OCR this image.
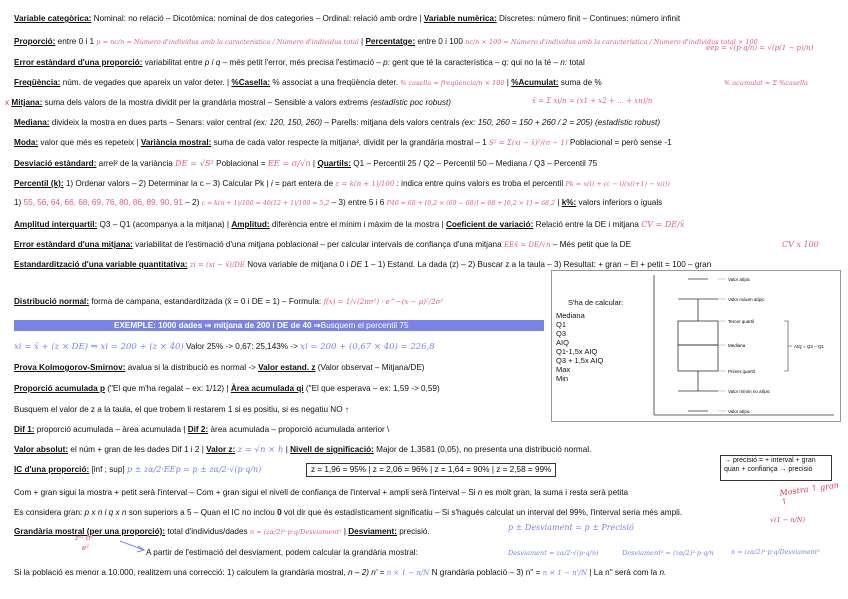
Variable categòrica: Nominal: no relació – Dicotòmica: nominal de dos categories – Ordinal: relació amb ordre | Variable numèrica: Discretes: número finit – Continues: número infinit
Proporció: entre 0 i 1 p = nc/n = Número d'individus amb la característica / Número d'individus total | Percentatge: entre 0 i 100 nc/n × 100 = Número d'individus amb la característica / Número d'individus total × 100
Error estàndard d'una proporció: variabilitat entre p i q – més petit l'error, més precisa l'estimació – p: gent que té la característica – q: qui no la té – n: total
eep = √(p·q/n) = √(p(1 − p)/n)
Freqüència: núm. de vegades que apareix un valor deter. | %Casella: % associat a una freqüència deter. % casella = freqüència/n × 100 | %Acumulat: suma de %	% acumulat = Σ %casella
x Mitjana: suma dels valors de la mostra dividit per la grandària mostral – Sensible a valors extrems (estadístic poc robust)	x̄ = Σ xi/n = (x1 + x2 + … + xn)/n
Mediana: divideix la mostra en dues parts – Senars: valor central (ex: 120, 150, 260) – Parells: mitjana dels valors centrals (ex: 150, 260 = 150 + 260 / 2 = 205) (estadístic robust)
Moda: valor que més es repeteix | Variància mostral: suma de cada valor respecte la mitjana², dividit per la grandària mostral – 1 S² = Σ(xi − x̄)²/(n − 1) Poblacional = però sense -1
Desviació estàndard: arrel² de la variància DE = √S² Poblacional = EE = σ/√n | Quartils: Q1 – Percentil 25 / Q2 – Percentil 50 – Mediana / Q3 – Percentil 75
Percentil (k): 1) Ordenar valors – 2) Determinar la c – 3) Calcular Pk | i = part entera de c = k(n + 1)/100 : indica entre quins valors es troba el percentil Pk = x(i) + (c − i)(x(i+1) − x(i))
1) 55, 56, 64, 66, 68, 69, 76, 80, 86, 89, 90, 91 – 2) c = k(n + 1)/100 = 40(12 + 1)/100 = 5,2 – 3) entre 5 i 6 P40 = 68 + [0,2 × (69 − 68)] = 68 + [0,2 × 1] = 68,2 | k%: valors inferiors o iguals
Amplitud interquartil: Q3 – Q1 (acompanya a la mitjana) | Amplitud: diferència entre el mínim i màxim de la mostra | Coeficient de variació: Relació entre la DE i mitjana CV = DE/x̄
Error estàndard d'una mitjana: variabilitat de l'estimació d'una mitjana poblacional – per calcular intervals de confiança d'una mitjana EEx̄ = DE/√n – Més petit que la DE	CV x 100
Estandardització d'una variable quantitativa: zi = (xi − x̄)/DE Nova variable de mitjana 0 i DE 1 – 1) Estand. La dada (z) – 2) Buscar z a la taula – 3) Resultat: + gran – El + petit = 100 – gran
Distribució normal: forma de campana, estandarditzada (x̄ = 0 i DE = 1) – Formula: f(x) = 1/√(2πσ²) · e^−(x − μ)²/2σ²
EXEMPLE: 1000 dades ⇒ mitjana de 200 i DE de 40 ⇒Busquem el percentil 75
xi = x̄ + (z × DE) ⇒ xi = 200 + (z × 40) Valor 25% -> 0,67: 25,143% -> xi = 200 + (0,67 × 40) = 226,8
Prova Kolmogorov-Smirnov: avalua si la distribució es normal -> Valor estand. z (Valor observat – Mitjana/DE)
Proporció acumulada p ("El que m'ha regalat – ex: 1/12) | Àrea acumulada qi ("El que esperava – ex: 1,59 -> 0,59)
Busquem el valor de z a la taula, el que trobem li restarem 1 si es positiu, si es negatiu NO ↑
Dif 1: proporció acumulada – àrea acumulada | Dif 2: àrea acumulada – proporció acumulada anterior \
Valor absolut: el núm + gran de les dades Dif 1 i 2 | Valor z: z = √n × h | Nivell de significació: Major de 1,3581 (0,05), no presenta una distribució normal.
IC d'una proporció: [inf ; sup] p ± zα/2·EEp = p ± zα/2·√(p·q/n)	z = 1,96 = 95% | z = 2,06 = 96% | z = 1,64 = 90% | z = 2,58 = 99%
→ precisió = + interval + gran
quan + confiança → precisió
Com + gran sigui la mostra + petit serà l'interval – Com + gran sigui el nivell de confiança de l'interval + ampli serà l'interval – Si n es molt gran, la suma i resta serà petita
Es considera gran: p x n i q x n son superiors a 5 – Quan el IC no inclou 0 vol dir que és estadísticament significatiu – Si s'hagués calculat un interval del 99%, l'interval seria més ampli.
Grandària mostral (per una proporció): total d'individus/dades n = (zα/2)²·p·q/Desviament² | Desviament: precisió.	p ± Desviament = p ± Precisió
A partir de l'estimació del desviament, podem calcular la grandària mostral:	Desviament = zα/2·√(p·q/n)	Desviament² = (zα/2)²·p·q/n	n = (zα/2)²·p·q/Desviament²
Si la població es menor a 10.000, realitzem una correcció: 1) calculem la grandària mostral, n – 2) n' = n × 1 − n/N N grandària població – 3) n" = n × 1 − n'/N | La n" serà com la n.
Mostra ↑ gran ↑
z²· σ²
e²
√(1 − n/N)
S'ha de calcular:
Mediana
Q1
Q3
AIQ
Q1-1,5x AIQ
Q3 + 1,5x AIQ
Max
Min
Valor atípic
Valor màxim atípic
Tercer quartil
Mediana
Primer quartil
Valor mínim no atípic
Valor atípic
AIQ = Q3 − Q1
